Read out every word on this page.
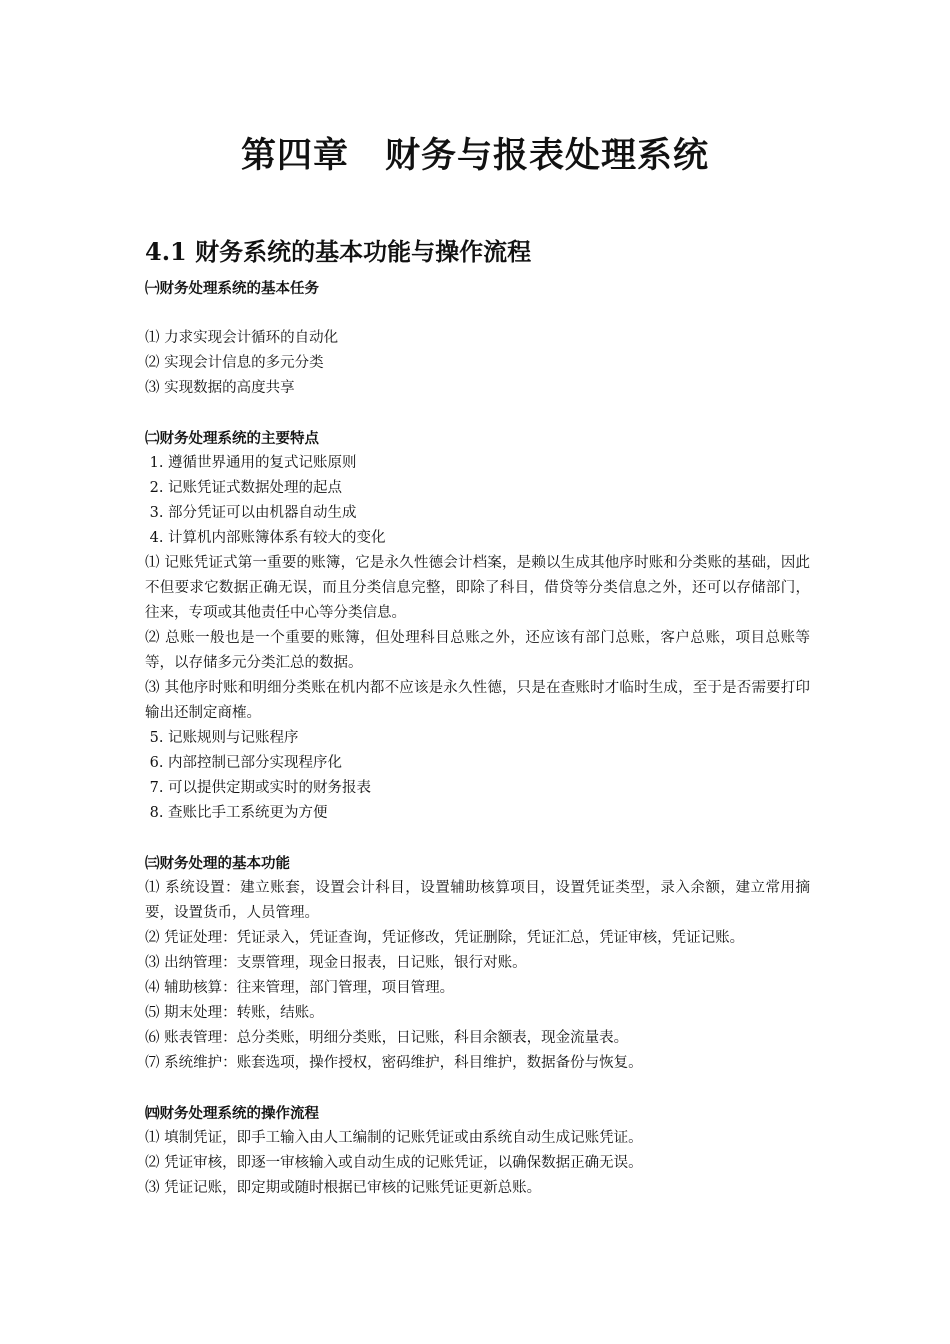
第四章　财务与报表处理系统
4.1 财务系统的基本功能与操作流程

㈠财务处理系统的基本任务

⑴ 力求实现会计循环的自动化

⑵ 实现会计信息的多元分类

⑶ 实现数据的高度共享

㈡财务处理系统的主要特点

1. 遵循世界通用的复式记账原则

2. 记账凭证式数据处理的起点

3. 部分凭证可以由机器自动生成

4. 计算机内部账簿体系有较大的变化

⑴ 记账凭证式第一重要的账簿，它是永久性德会计档案，是赖以生成其他序时账和分类账的基础，因此不但要求它数据正确无误，而且分类信息完整，即除了科目，借贷等分类信息之外，还可以存储部门，往来，专项或其他责任中心等分类信息。

⑵ 总账一般也是一个重要的账簿，但处理科目总账之外，还应该有部门总账，客户总账，项目总账等等，以存储多元分类汇总的数据。

⑶ 其他序时账和明细分类账在机内都不应该是永久性德，只是在查账时才临时生成，至于是否需要打印输出还制定商榷。

5. 记账规则与记账程序

6. 内部控制已部分实现程序化

7. 可以提供定期或实时的财务报表

8. 查账比手工系统更为方便

㈢财务处理的基本功能

⑴ 系统设置：建立账套，设置会计科目，设置辅助核算项目，设置凭证类型，录入余额，建立常用摘要，设置货币，人员管理。

⑵ 凭证处理：凭证录入，凭证查询，凭证修改，凭证删除，凭证汇总，凭证审核，凭证记账。

⑶ 出纳管理：支票管理，现金日报表，日记账，银行对账。

⑷ 辅助核算：往来管理，部门管理，项目管理。

⑸ 期末处理：转账，结账。

⑹ 账表管理：总分类账，明细分类账，日记账，科目余额表，现金流量表。

⑺ 系统维护：账套选项，操作授权，密码维护，科目维护，数据备份与恢复。

㈣财务处理系统的操作流程

⑴ 填制凭证，即手工输入由人工编制的记账凭证或由系统自动生成记账凭证。

⑵ 凭证审核，即逐一审核输入或自动生成的记账凭证，以确保数据正确无误。

⑶ 凭证记账，即定期或随时根据已审核的记账凭证更新总账。
